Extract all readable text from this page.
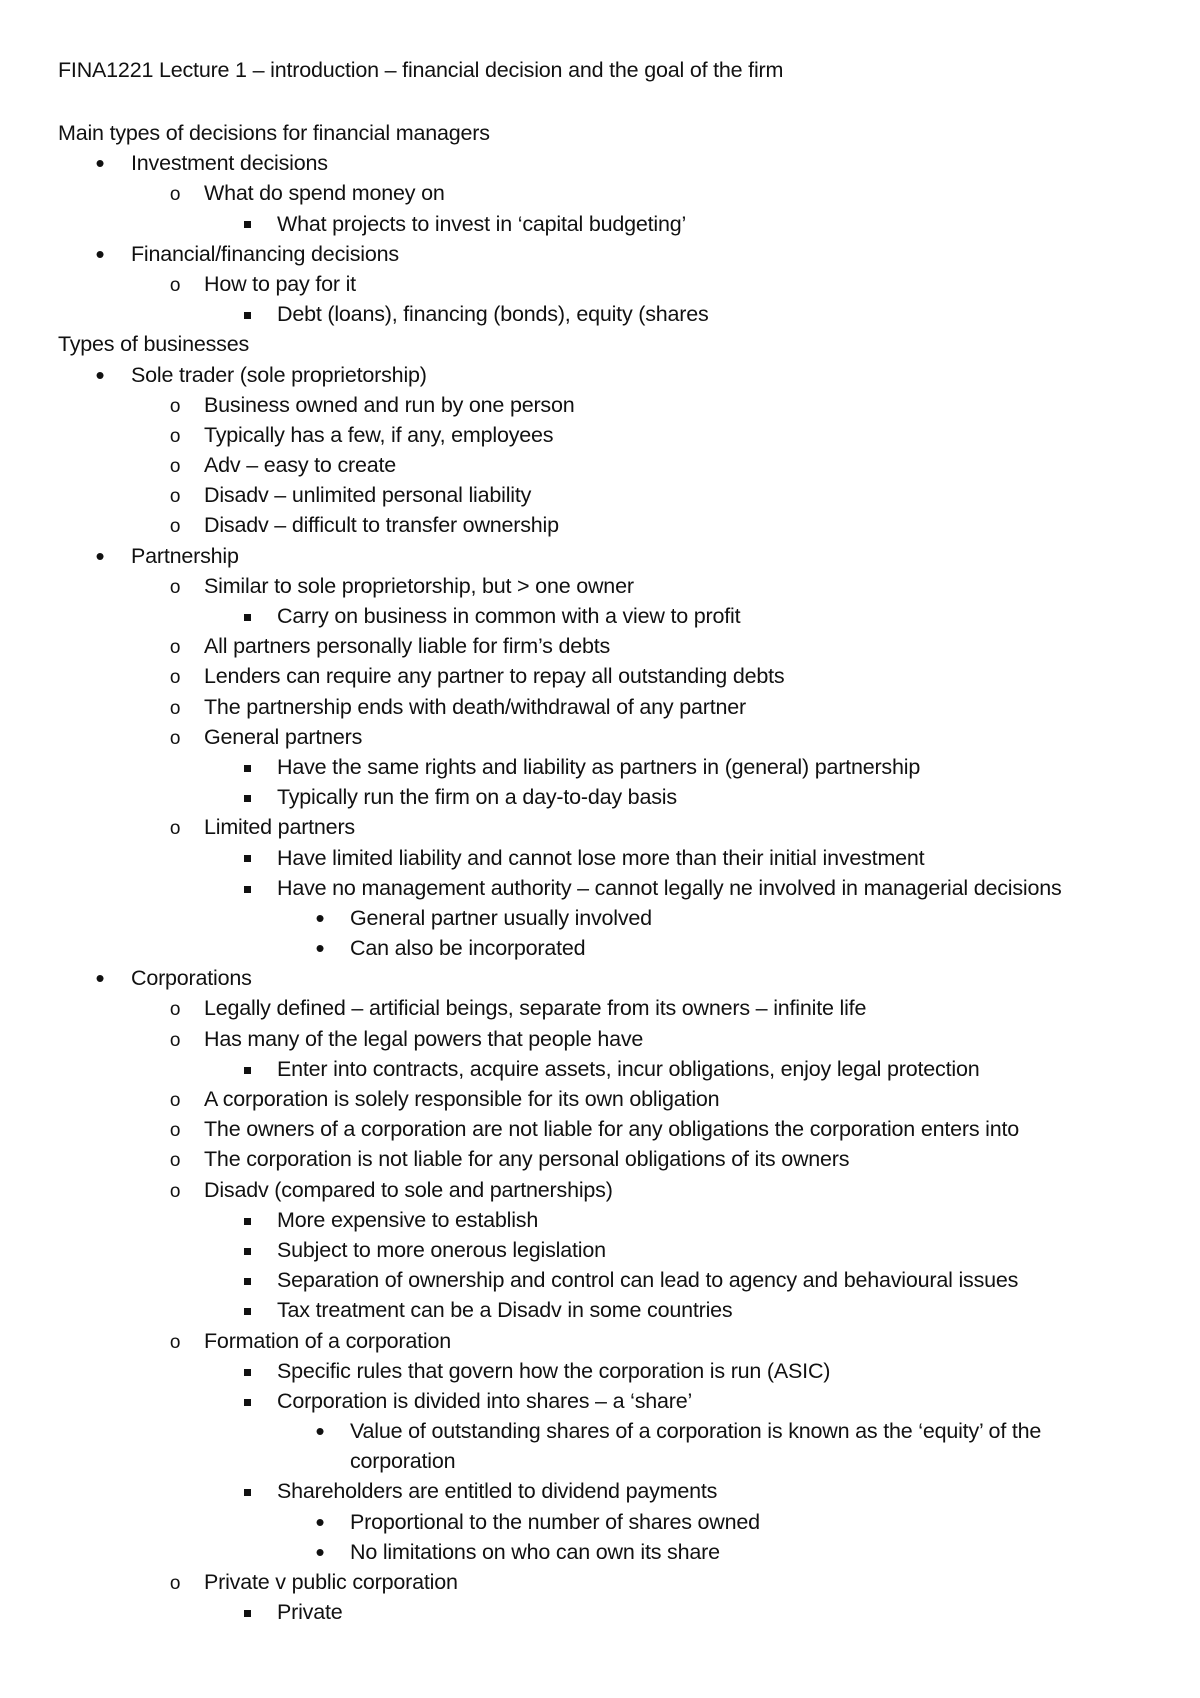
FINA1221 Lecture 1 – introduction – financial decision and the goal of the firm
Main types of decisions for financial managers
•
Investment decisions
o
What do spend money on
What projects to invest in ‘capital budgeting’
•
Financial/financing decisions
o
How to pay for it
Debt (loans), financing (bonds), equity (shares
Types of businesses
•
Sole trader (sole proprietorship)
o
Business owned and run by one person
o
Typically has a few, if any, employees
o
Adv – easy to create
o
Disadv – unlimited personal liability
o
Disadv – difficult to transfer ownership
•
Partnership
o
Similar to sole proprietorship, but > one owner
Carry on business in common with a view to profit
o
All partners personally liable for firm’s debts
o
Lenders can require any partner to repay all outstanding debts
o
The partnership ends with death/withdrawal of any partner
o
General partners
Have the same rights and liability as partners in (general) partnership
Typically run the firm on a day-to-day basis
o
Limited partners
Have limited liability and cannot lose more than their initial investment
Have no management authority – cannot legally ne involved in managerial decisions
•
General partner usually involved
•
Can also be incorporated
•
Corporations
o
Legally defined – artificial beings, separate from its owners – infinite life
o
Has many of the legal powers that people have
Enter into contracts, acquire assets, incur obligations, enjoy legal protection
o
A corporation is solely responsible for its own obligation
o
The owners of a corporation are not liable for any obligations the corporation enters into
o
The corporation is not liable for any personal obligations of its owners
o
Disadv (compared to sole and partnerships)
More expensive to establish
Subject to more onerous legislation
Separation of ownership and control can lead to agency and behavioural issues
Tax treatment can be a Disadv in some countries
o
Formation of a corporation
Specific rules that govern how the corporation is run (ASIC)
Corporation is divided into shares – a ‘share’
•
Value of outstanding shares of a corporation is known as the ‘equity’ of the
corporation
Shareholders are entitled to dividend payments
•
Proportional to the number of shares owned
•
No limitations on who can own its share
o
Private v public corporation
Private
